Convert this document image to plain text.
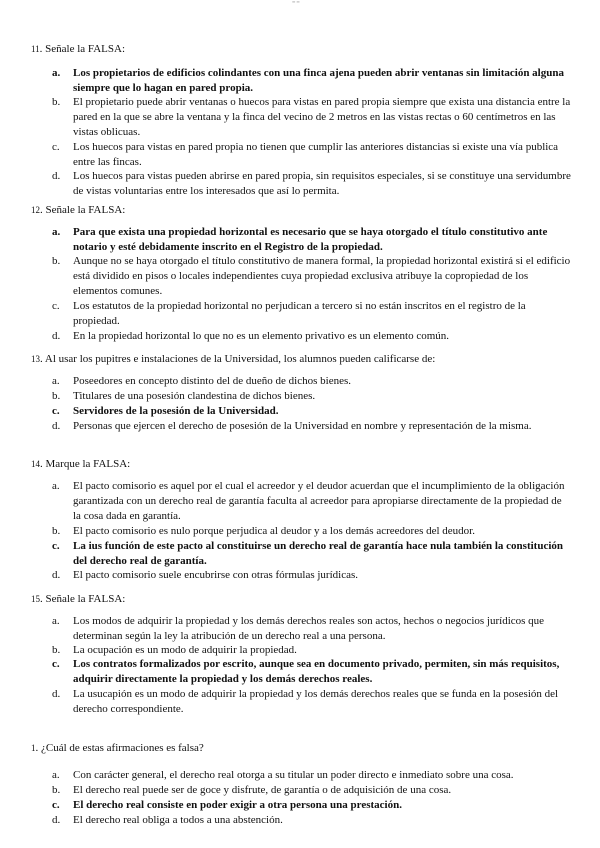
==
11. Señale la FALSA:
a. Los propietarios de edificios colindantes con una finca ajena pueden abrir ventanas sin limitación alguna siempre que lo hagan en pared propia.
b. El propietario puede abrir ventanas o huecos para vistas en pared propia siempre que exista una distancia entre la pared en la que se abre la ventana y la finca del vecino de 2 metros en las vistas rectas o 60 centímetros en las vistas oblicuas.
c. Los huecos para vistas en pared propia no tienen que cumplir las anteriores distancias si existe una vía publica entre las fincas.
d. Los huecos para vistas pueden abrirse en pared propia, sin requisitos especiales, si se constituye una servidumbre de vistas voluntarias entre los interesados que así lo permita.
12. Señale la FALSA:
a. Para que exista una propiedad horizontal es necesario que se haya otorgado el título constitutivo ante notario y esté debidamente inscrito en el Registro de la propiedad.
b. Aunque no se haya otorgado el título constitutivo de manera formal, la propiedad horizontal existirá si el edificio está dividido en pisos o locales independientes cuya propiedad exclusiva atribuye la copropiedad de los elementos comunes.
c. Los estatutos de la propiedad horizontal no perjudican a tercero si no están inscritos en el registro de la propiedad.
d. En la propiedad horizontal lo que no es un elemento privativo es un elemento común.
13. Al usar los pupitres e instalaciones de la Universidad, los alumnos pueden calificarse de:
a. Poseedores en concepto distinto del de dueño de dichos bienes.
b. Titulares de una posesión clandestina de dichos bienes.
c. Servidores de la posesión de la Universidad.
d. Personas que ejercen el derecho de posesión de la Universidad en nombre y representación de la misma.
14. Marque la FALSA:
a. El pacto comisorio es aquel por el cual el acreedor y el deudor acuerdan que el incumplimiento de la obligación garantizada con un derecho real de garantía faculta al acreedor para apropiarse directamente de la propiedad de la cosa dada en garantía.
b. El pacto comisorio es nulo porque perjudica al deudor y a los demás acreedores del deudor.
c. La ius función de este pacto al constituirse un derecho real de garantía hace nula también la constitución del derecho real de garantía.
d. El pacto comisorio suele encubrirse con otras fórmulas jurídicas.
15. Señale la FALSA:
a. Los modos de adquirir la propiedad y los demás derechos reales son actos, hechos o negocios jurídicos que determinan según la ley la atribución de un derecho real a una persona.
b. La ocupación es un modo de adquirir la propiedad.
c. Los contratos formalizados por escrito, aunque sea en documento privado, permiten, sin más requisitos, adquirir directamente la propiedad y los demás derechos reales.
d. La usucapión es un modo de adquirir la propiedad y los demás derechos reales que se funda en la posesión del derecho correspondiente.
1. ¿Cuál de estas afirmaciones es falsa?
a. Con carácter general, el derecho real otorga a su titular un poder directo e inmediato sobre una cosa.
b. El derecho real puede ser de goce y disfrute, de garantía o de adquisición de una cosa.
c. El derecho real consiste en poder exigir a otra persona una prestación.
d. El derecho real obliga a todos a una abstención.
